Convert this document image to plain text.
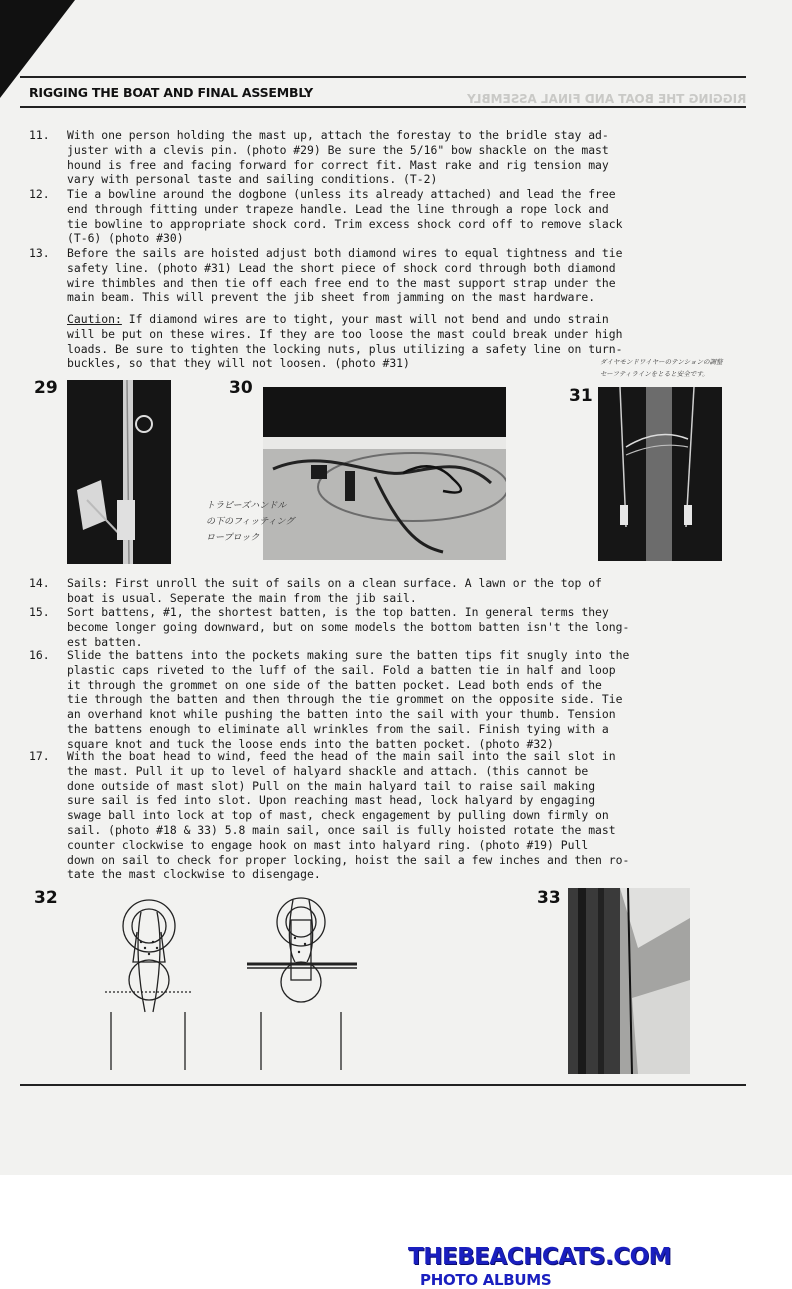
RIGGING THE BOAT AND FINAL ASSEMBLY	RIGGING THE BOAT AND FINAL ASSEMBLY
11. With one person holding the mast up, attach the forestay to the bridle stay ad-
juster with a clevis pin. (photo #29) Be sure the 5/16" bow shackle on the mast
hound is free and facing forward for correct fit. Mast rake and rig tension may
vary with personal taste and sailing conditions. (T-2)
12. Tie a bowline around the dogbone (unless its already attached) and lead the free
end through fitting under trapeze handle. Lead the line through a rope lock and
tie bowline to appropriate shock cord. Trim excess shock cord off to remove slack
(T-6) (photo #30)
13. Before the sails are hoisted adjust both diamond wires to equal tightness and tie
safety line. (photo #31) Lead the short piece of shock cord through both diamond
wire thimbles and then tie off each free end to the mast support strap under the
main beam. This will prevent the jib sheet from jamming on the mast hardware.
Caution: If diamond wires are to tight, your mast will not bend and undo strain
will be put on these wires. If they are too loose the mast could break under high
loads. Be sure to tighten the locking nuts, plus utilizing a safety line on turn-
buckles, so that they will not loosen. (photo #31)
29	30
トラピーズハンドル
の下のフィッティング
ロープロック
ダイヤモンドワイヤーのテンションの調整
セーフティラインをとると安全です。
31
14. Sails: First unroll the suit of sails on a clean surface. A lawn or the top of
boat is usual. Seperate the main from the jib sail.
15. Sort battens, #1, the shortest batten, is the top batten. In general terms they
become longer going downward, but on some models the bottom batten isn't the long-
est batten.
16. Slide the battens into the pockets making sure the batten tips fit snugly into the
plastic caps riveted to the luff of the sail. Fold a batten tie in half and loop
it through the grommet on one side of the batten pocket. Lead both ends of the
tie through the batten and then through the tie grommet on the opposite side. Tie
an overhand knot while pushing the batten into the sail with your thumb. Tension
the battens enough to eliminate all wrinkles from the sail. Finish tying with a
square knot and tuck the loose ends into the batten pocket. (photo #32)
17. With the boat head to wind, feed the head of the main sail into the sail slot in
the mast. Pull it up to level of halyard shackle and attach. (this cannot be
done outside of mast slot) Pull on the main halyard tail to raise sail making
sure sail is fed into slot. Upon reaching mast head, lock halyard by engaging
swage ball into lock at top of mast, check engagement by pulling down firmly on
sail. (photo #18 & 33) 5.8 main sail, once sail is fully hoisted rotate the mast
counter clockwise to engage hook on mast into halyard ring. (photo #19) Pull
down on sail to check for proper locking, hoist the sail a few inches and then ro-
tate the mast clockwise to disengage.
32	33
THEBEACHCATS.COM PHOTO ALBUMS
